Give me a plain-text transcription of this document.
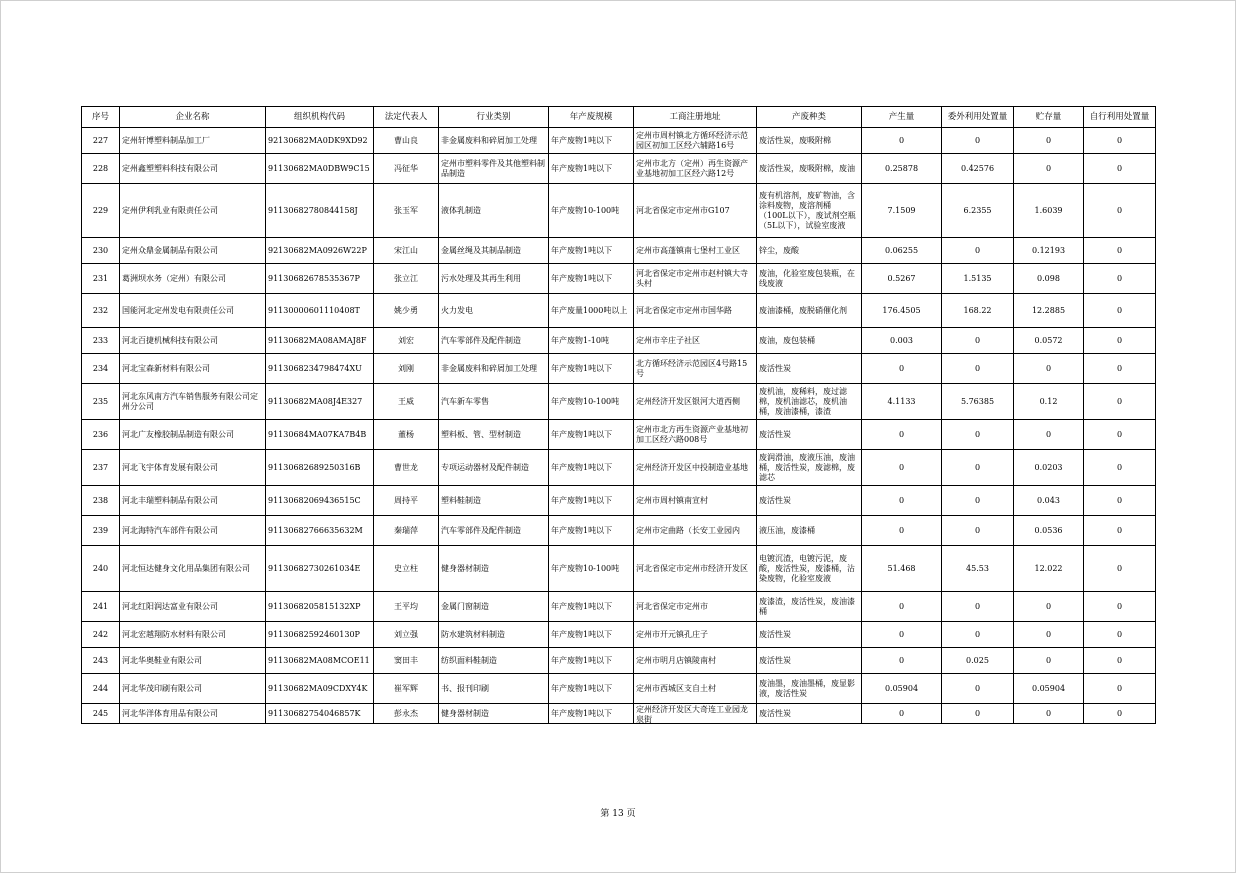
序号	企业名称	组织机构代码	法定代表人	行业类别	年产废规模	工商注册地址	产废种类	产生量	委外利用处置量	贮存量	自行利用处置量

227	定州轩博塑料制品加工厂	92130682MA0DK9XD92	曹山良	非金属废料和碎屑加工处理	年产废物1吨以下	定州市周村镇北方循环经济示范园区初加工区经六辅路16号	废活性炭，废吸附棉	0	0	0	0

228	定州鑫塑塑料科技有限公司	91130682MA0DBW9C15	冯征华	定州市塑料零件及其他塑料制品制造	年产废物1吨以下	定州市北方（定州）再生资源产业基地初加工区经六路12号	废活性炭，废吸附棉，废油	0.25878	0.42576	0	0

229	定州伊利乳业有限责任公司	91130682780844158J	张玉军	液体乳制造	年产废物10-100吨	河北省保定市定州市G107	废有机溶剂，废矿物油，含涂料废物，废溶剂桶（100L以下），废试剂空瓶（5L以下），试验室废液	7.1509	6.2355	1.6039	0

230	定州众鼎金属制品有限公司	92130682MA0926W22P	宋江山	金属丝绳及其制品制造	年产废物1吨以下	定州市高蓬镇南七堡村工业区	锌尘，废酸	0.06255	0	0.12193	0

231	葛洲坝水务（定州）有限公司	91130682678535367P	张立江	污水处理及其再生利用	年产废物1吨以下	河北省保定市定州市赵村镇大寺头村	废油，化验室废包装瓶，在线废液	0.5267	1.5135	0.098	0

232	国能河北定州发电有限责任公司	91130000601110408T	姚少勇	火力发电	年产废量1000吨以上	河北省保定市定州市国华路	废油漆桶，废脱硝催化剂	176.4505	168.22	12.2885	0

233	河北百捷机械科技有限公司	91130682MA08AMAJ8F	刘宏	汽车零部件及配件制造	年产废物1-10吨	定州市辛庄子社区	废油，废包装桶	0.003	0	0.0572	0

234	河北宝森新材料有限公司	9113068234798474XU	刘刚	非金属废料和碎屑加工处理	年产废物1吨以下	北方循环经济示范园区4号路15号	废活性炭	0	0	0	0

235	河北东风南方汽车销售服务有限公司定州分公司	91130682MA08J4E327	王威	汽车新车零售	年产废物10-100吨	定州经济开发区银河大道西侧	废机油，废稀料，废过滤棉，废机油滤芯，废机油桶，废油漆桶，漆渣	4.1133	5.76385	0.12	0

236	河北广友橡胶制品制造有限公司	91130684MA07KA7B4B	董杨	塑料板、管、型材制造	年产废物1吨以下	定州市北方再生资源产业基地初加工区经六路008号	废活性炭	0	0	0	0

237	河北飞宇体育发展有限公司	91130682689250316B	曹世龙	专项运动器材及配件制造	年产废物1吨以下	定州经济开发区中投制造业基地	废润滑油，废液压油，废油桶，废活性炭，废滤棉，废滤芯	0	0	0.0203	0

238	河北丰瑞塑料制品有限公司	91130682069436515C	周持平	塑料鞋制造	年产废物1吨以下	定州市周村镇南宣村	废活性炭	0	0	0.043	0

239	河北海特汽车部件有限公司	91130682766635632M	秦瑞萍	汽车零部件及配件制造	年产废物1吨以下	定州市定曲路（长安工业园内	液压油，废漆桶	0	0	0.0536	0

240	河北恒达健身文化用品集团有限公司	91130682730261034E	史立柱	健身器材制造	年产废物10-100吨	河北省保定市定州市经济开发区	电镀沉渣，电镀污泥，废酸，废活性炭，废漆桶，沾染废物，化验室废液	51.468	45.53	12.022	0

241	河北红阳润达富业有限公司	9113068205815132XP	王平均	金属门窗制造	年产废物1吨以下	河北省保定市定州市	废漆渣，废活性炭，废油漆桶	0	0	0	0

242	河北宏越翔防水材料有限公司	91130682592460130P	刘立强	防水建筑材料制造	年产废物1吨以下	定州市开元镇孔庄子	废活性炭	0	0	0	0

243	河北华奥鞋业有限公司	91130682MA08MCOE11	窦田丰	纺织面料鞋制造	年产废物1吨以下	定州市明月店镇陵南村	废活性炭	0	0.025	0	0

244	河北华茂印刷有限公司	91130682MA09CDXY4K	崔军辉	书、报刊印刷	年产废物1吨以下	定州市西城区支自土村	废油墨，废油墨桶，废显影液，废活性炭	0.05904	0	0.05904	0

245	河北华洋体育用品有限公司	91130682754046857K	彭永杰	健身器材制造	年产废物1吨以下	定州经济开发区大奇连工业园龙泉街	废活性炭	0	0	0	0
第 13 页
